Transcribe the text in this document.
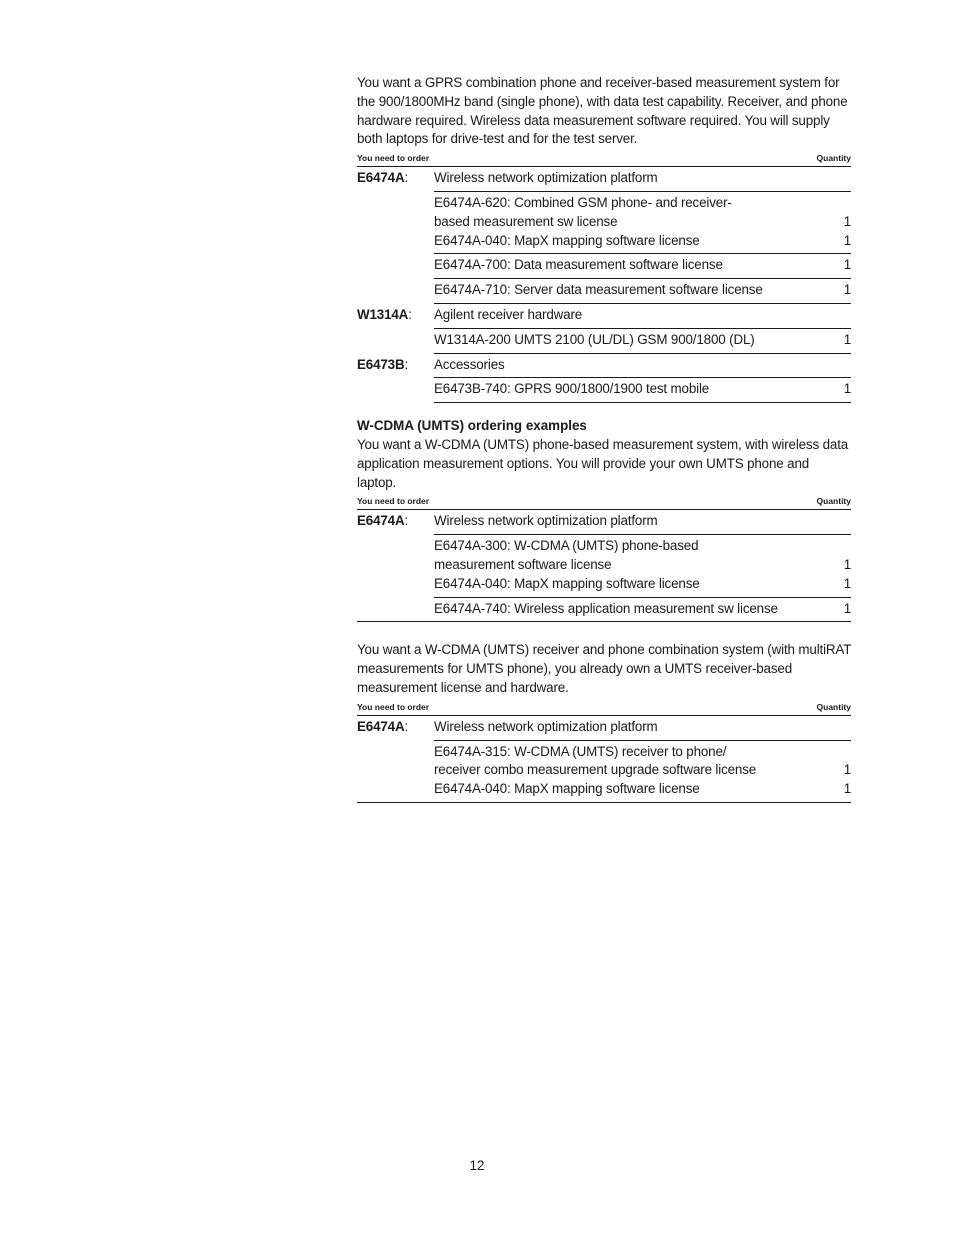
You want a GPRS combination phone and receiver-based measurement system for the 900/1800MHz band (single phone), with data test capability. Receiver, and phone hardware required. Wireless data measurement software required. You will supply both laptops for drive-test and for the test server.

You need to order	Quantity
E6474A:	Wireless network optimization platform
E6474A-620: Combined GSM phone- and receiver-
based measurement sw license	1
E6474A-040: MapX mapping software license	1
E6474A-700: Data measurement software license	1
E6474A-710: Server data measurement software license	1
W1314A:	Agilent receiver hardware
W1314A-200 UMTS 2100 (UL/DL) GSM 900/1800 (DL)	1
E6473B:	Accessories
E6473B-740: GPRS 900/1800/1900 test mobile	1

W-CDMA (UMTS) ordering examples

You want a W-CDMA (UMTS) phone-based measurement system, with wireless data application measurement options. You will provide your own UMTS phone and laptop.

You need to order	Quantity
E6474A:	Wireless network optimization platform
E6474A-300: W-CDMA (UMTS) phone-based
measurement software license	1
E6474A-040: MapX mapping software license	1
E6474A-740: Wireless application measurement sw license	1

You want a W-CDMA (UMTS) receiver and phone combination system (with multiRAT measurements for UMTS phone), you already own a UMTS receiver-based measurement license and hardware.

You need to order	Quantity
E6474A:	Wireless network optimization platform
E6474A-315: W-CDMA (UMTS) receiver to phone/
receiver combo measurement upgrade software license	1
E6474A-040: MapX mapping software license	1
12
